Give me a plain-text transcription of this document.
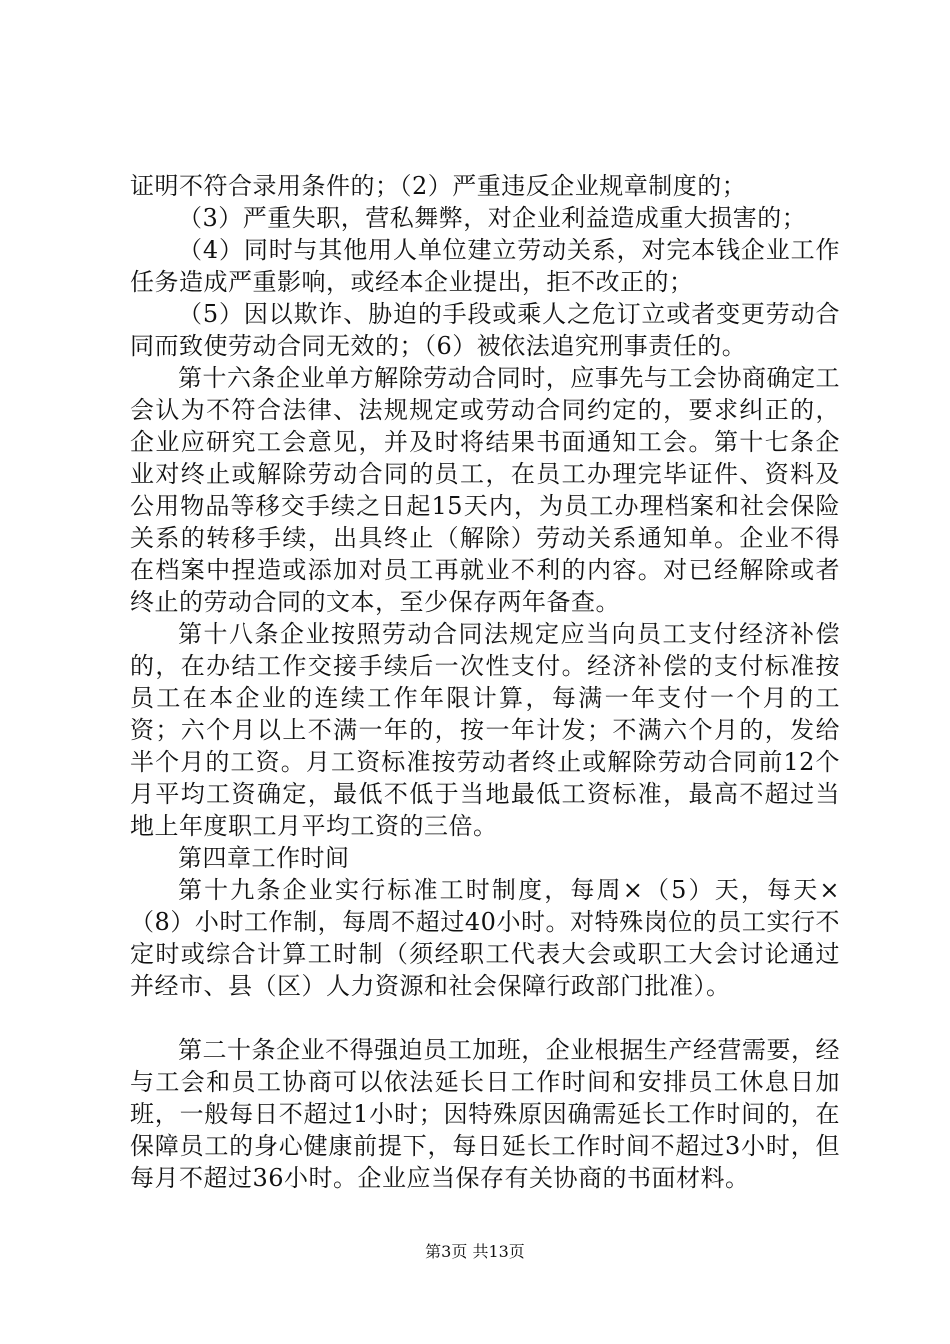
证明不符合录用条件的；（2）严重违反企业规章制度的；

（3）严重失职，营私舞弊，对企业利益造成重大损害的；

（4）同时与其他用人单位建立劳动关系，对完本钱企业工作任务造成严重影响，或经本企业提出，拒不改正的；

（5）因以欺诈、胁迫的手段或乘人之危订立或者变更劳动合同而致使劳动合同无效的；（6）被依法追究刑事责任的。

第十六条企业单方解除劳动合同时，应事先与工会协商确定工会认为不符合法律、法规规定或劳动合同约定的，要求纠正的，企业应研究工会意见，并及时将结果书面通知工会。第十七条企业对终止或解除劳动合同的员工，在员工办理完毕证件、资料及公用物品等移交手续之日起15天内，为员工办理档案和社会保险关系的转移手续，出具终止（解除）劳动关系通知单。企业不得在档案中捏造或添加对员工再就业不利的内容。对已经解除或者终止的劳动合同的文本，至少保存两年备查。

第十八条企业按照劳动合同法规定应当向员工支付经济补偿的，在办结工作交接手续后一次性支付。经济补偿的支付标准按员工在本企业的连续工作年限计算，每满一年支付一个月的工资；六个月以上不满一年的，按一年计发；不满六个月的，发给半个月的工资。月工资标准按劳动者终止或解除劳动合同前12个月平均工资确定，最低不低于当地最低工资标准，最高不超过当地上年度职工月平均工资的三倍。

第四章工作时间

第十九条企业实行标准工时制度，每周×（5）天，每天×（8）小时工作制，每周不超过40小时。对特殊岗位的员工实行不定时或综合计算工时制（须经职工代表大会或职工大会讨论通过并经市、县（区）人力资源和社会保障行政部门批准）。

第二十条企业不得强迫员工加班，企业根据生产经营需要，经与工会和员工协商可以依法延长日工作时间和安排员工休息日加班，一般每日不超过1小时；因特殊原因确需延长工作时间的，在保障员工的身心健康前提下，每日延长工作时间不超过3小时，但每月不超过36小时。企业应当保存有关协商的书面材料。

第3页 共13页
